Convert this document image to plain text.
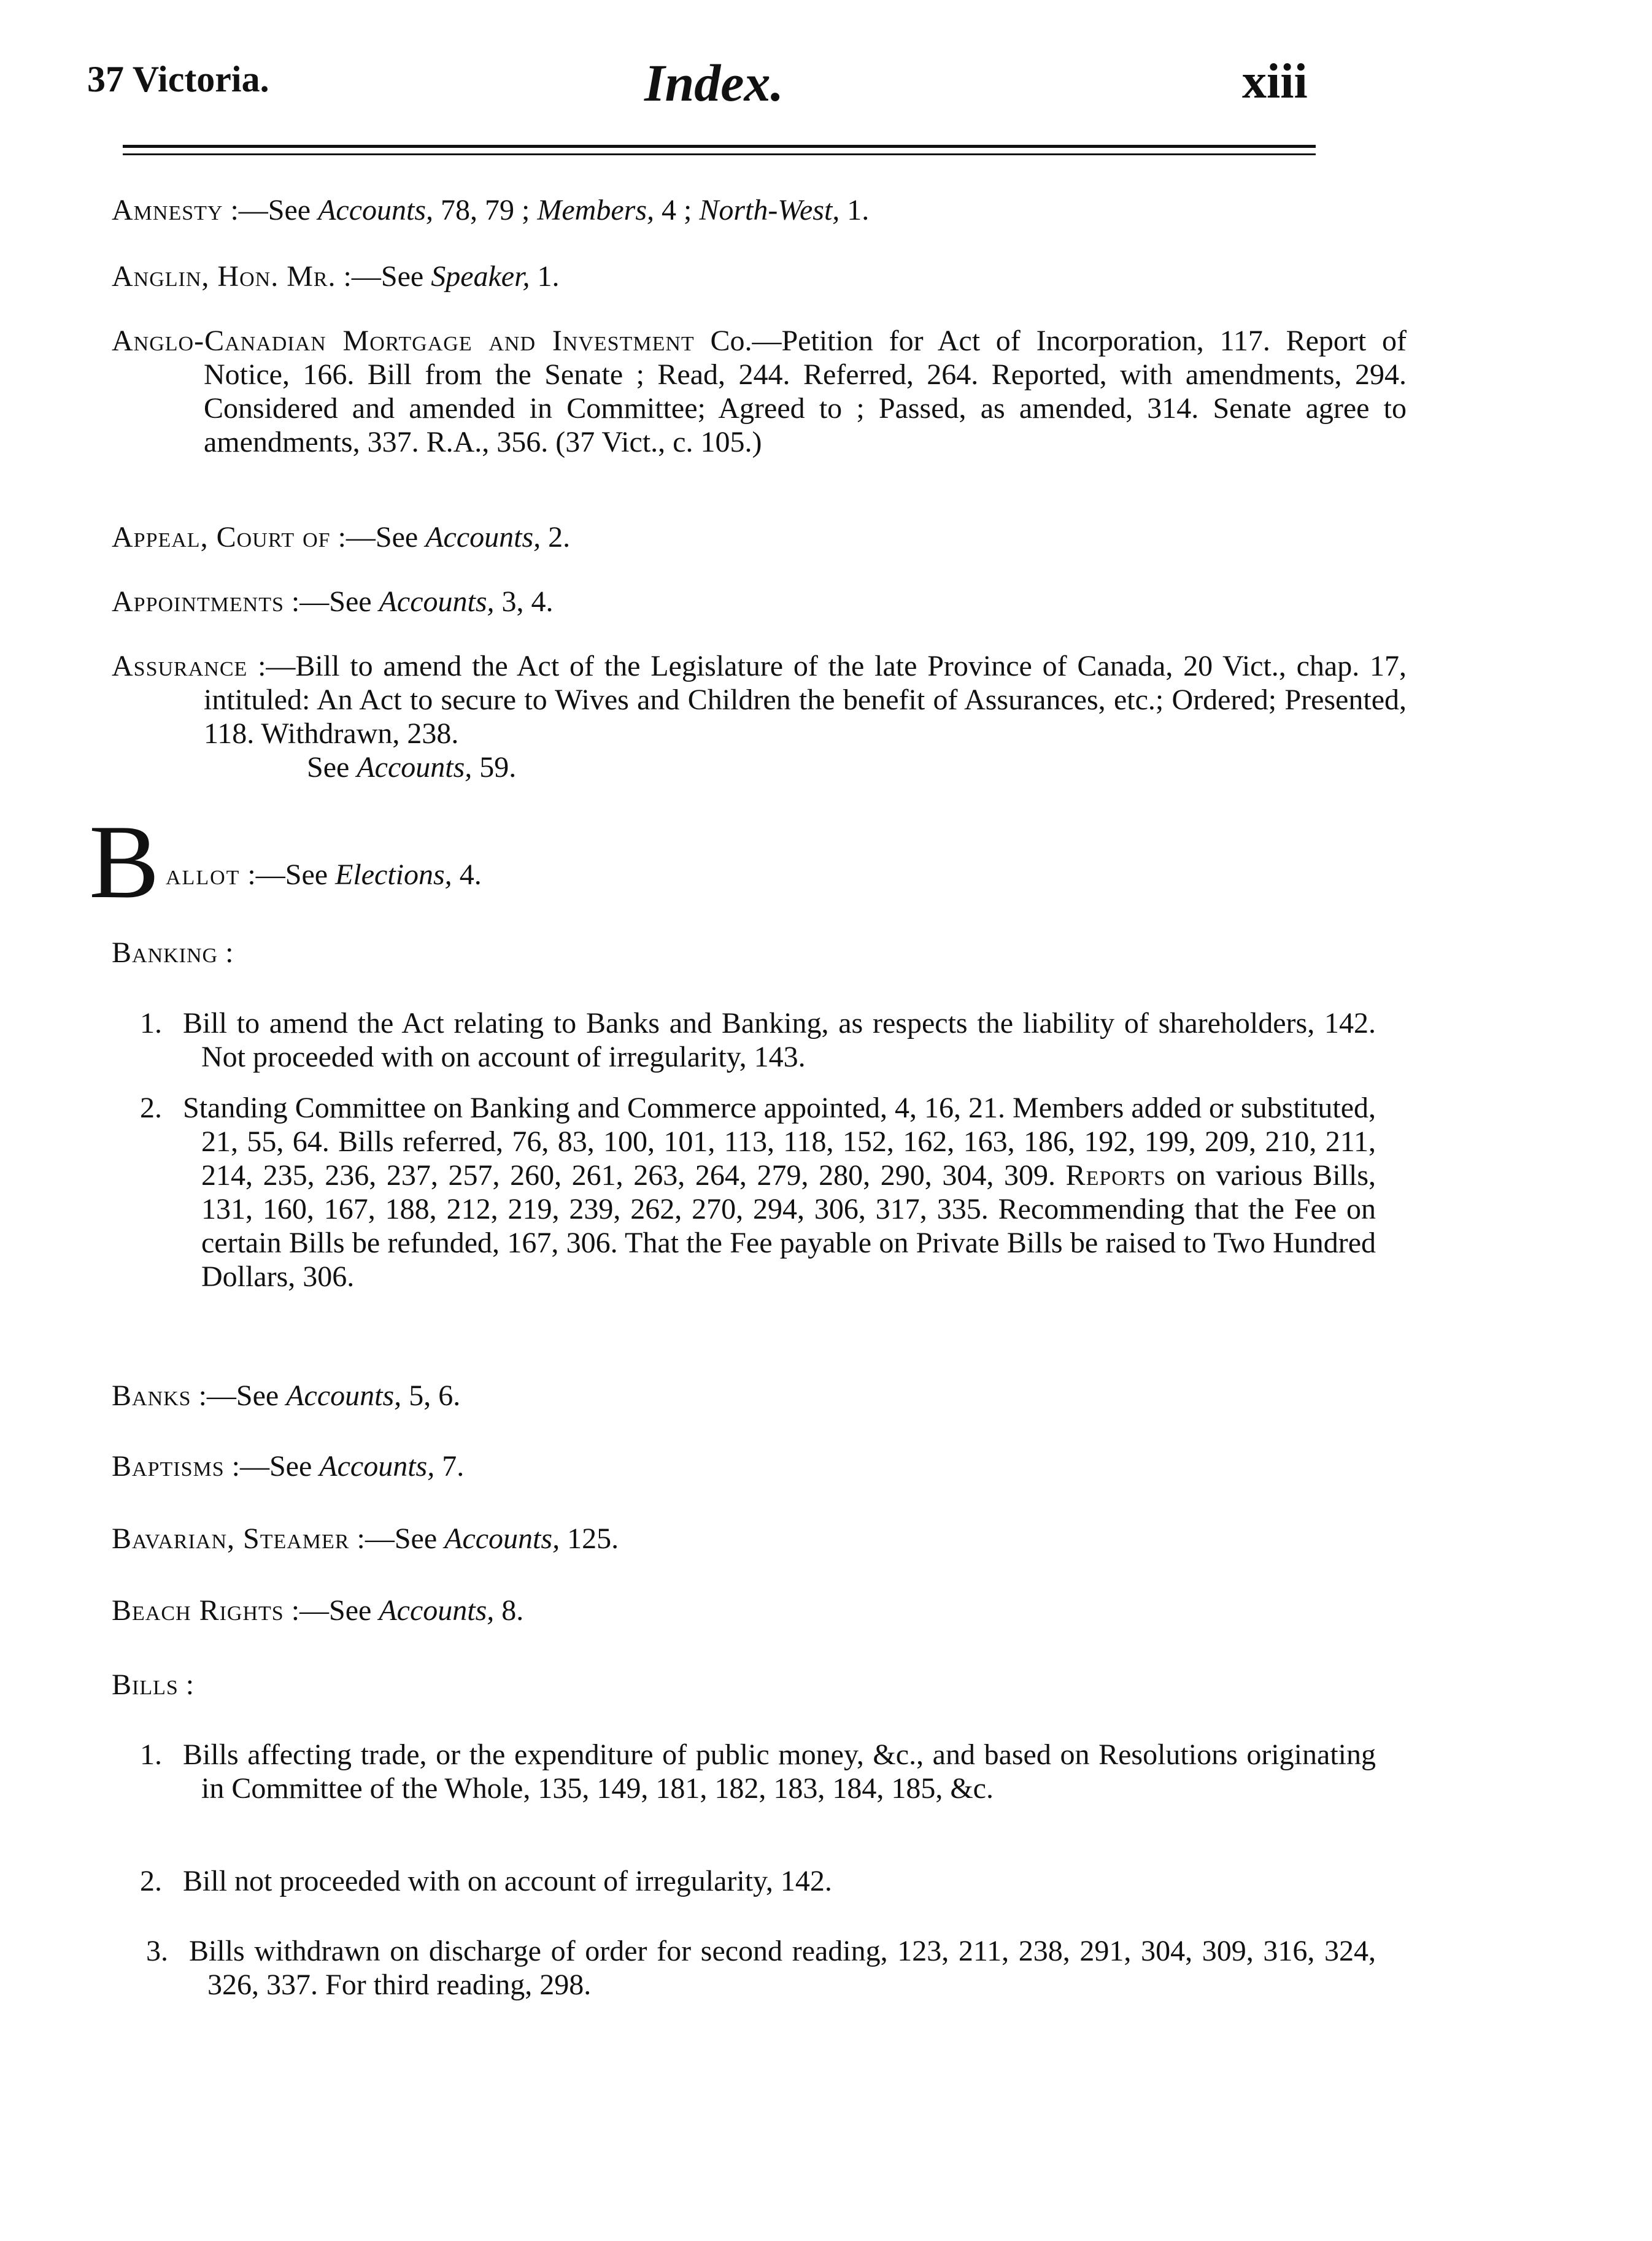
37 Victoria.	Index.	xiii
Amnesty :—See Accounts, 78, 79 ; Members, 4 ; North-West, 1.
Anglin, Hon. Mr. :—See Speaker, 1.
Anglo-Canadian Mortgage and Investment Co.—Petition for Act of Incorporation, 117. Report of Notice, 166. Bill from the Senate ; Read, 244. Referred, 264. Reported, with amendments, 294. Considered and amended in Committee; Agreed to ; Passed, as amended, 314. Senate agree to amendments, 337. R.A., 356. (37 Vict., c. 105.)
Appeal, Court of :—See Accounts, 2.
Appointments :—See Accounts, 3, 4.
Assurance :—Bill to amend the Act of the Legislature of the late Province of Canada, 20 Vict., chap. 17, intituled: An Act to secure to Wives and Children the benefit of Assurances, etc.; Ordered; Presented, 118. Withdrawn, 238.
See Accounts, 59.
B allot :—See Elections, 4.
Banking :
1. Bill to amend the Act relating to Banks and Banking, as respects the liability of shareholders, 142. Not proceeded with on account of irregularity, 143.
2. Standing Committee on Banking and Commerce appointed, 4, 16, 21. Members added or substituted, 21, 55, 64. Bills referred, 76, 83, 100, 101, 113, 118, 152, 162, 163, 186, 192, 199, 209, 210, 211, 214, 235, 236, 237, 257, 260, 261, 263, 264, 279, 280, 290, 304, 309. Reports on various Bills, 131, 160, 167, 188, 212, 219, 239, 262, 270, 294, 306, 317, 335. Recommending that the Fee on certain Bills be refunded, 167, 306. That the Fee payable on Private Bills be raised to Two Hundred Dollars, 306.
Banks :—See Accounts, 5, 6.
Baptisms :—See Accounts, 7.
Bavarian, Steamer :—See Accounts, 125.
Beach Rights :—See Accounts, 8.
Bills :
1. Bills affecting trade, or the expenditure of public money, &c., and based on Resolutions originating in Committee of the Whole, 135, 149, 181, 182, 183, 184, 185, &c.
2. Bill not proceeded with on account of irregularity, 142.
3. Bills withdrawn on discharge of order for second reading, 123, 211, 238, 291, 304, 309, 316, 324, 326, 337. For third reading, 298.
